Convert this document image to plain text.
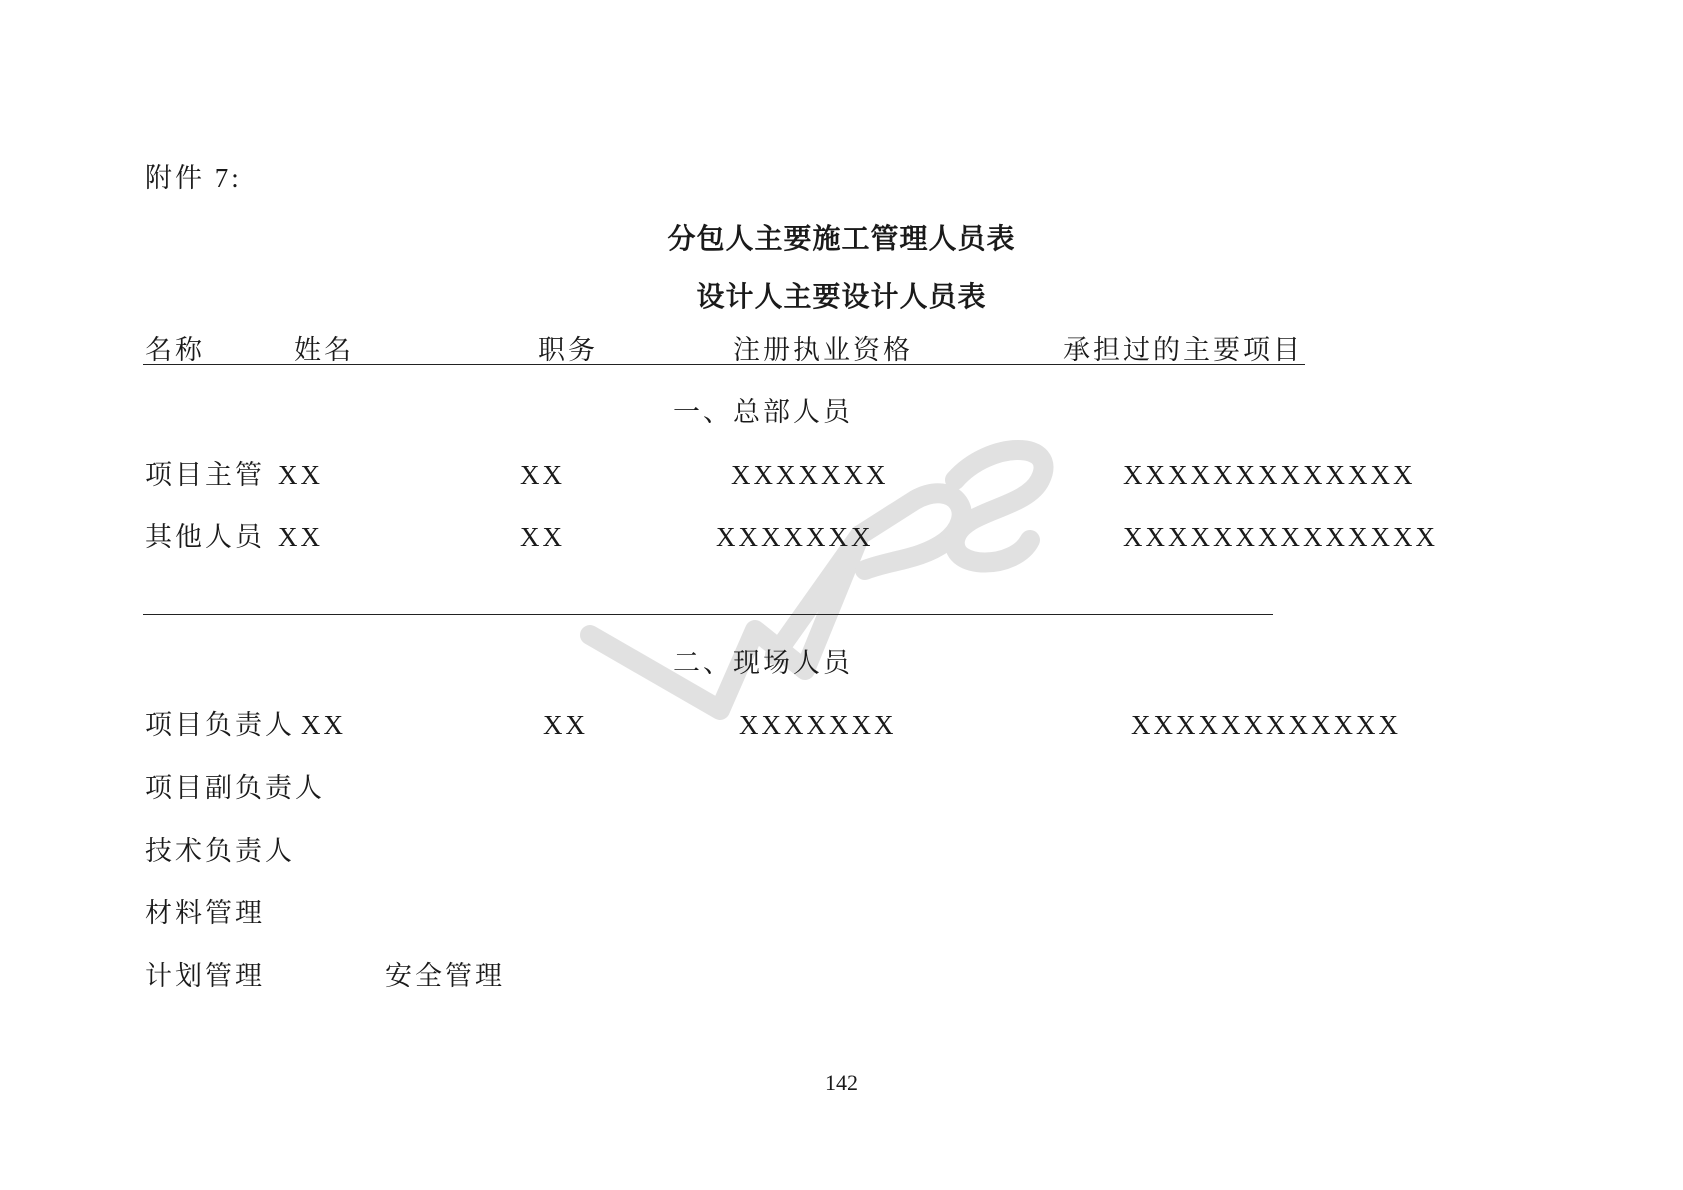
附件 7:
分包人主要施工管理人员表
设计人主要设计人员表
名称	姓名	职务	注册执业资格	承担过的主要项目
一、总部人员
项目主管 XX	XX	XXXXXXX	XXXXXXXXXXXXX
其他人员 XX	XX	XXXXXXX	XXXXXXXXXXXXXX
二、现场人员
项目负责人 XX	XX	XXXXXXX	XXXXXXXXXXXX
项目副负责人
技术负责人
材料管理
计划管理	安全管理
142
